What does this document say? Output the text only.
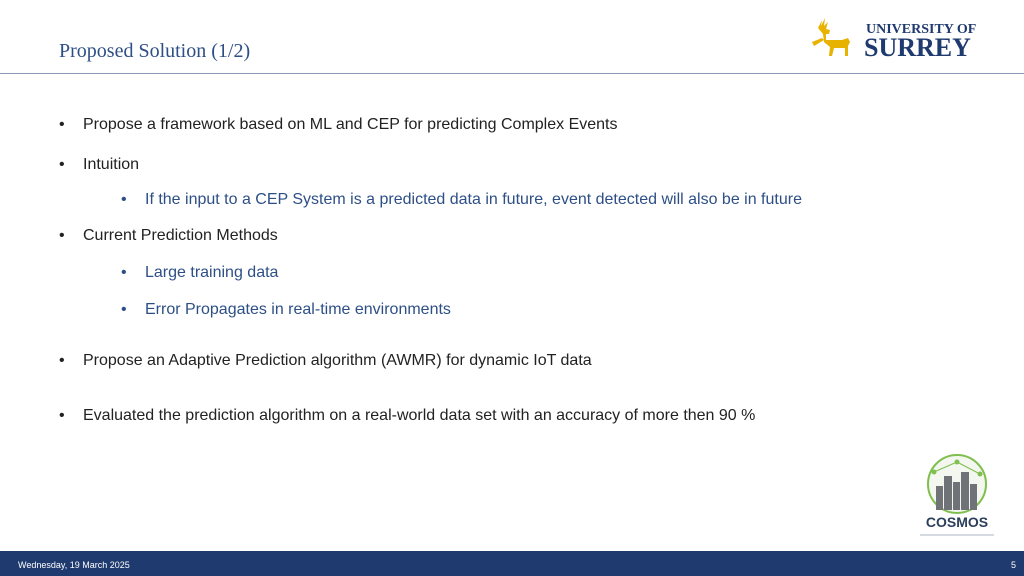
Proposed Solution (1/2)
UNIVERSITY OF
SURREY
• Propose a framework based on ML and CEP for predicting Complex Events
• Intuition
• If the input to a CEP System is a predicted data in future, event detected will also be in future
• Current Prediction Methods
• Large training data
• Error Propagates in real-time environments
• Propose an Adaptive Prediction algorithm (AWMR) for dynamic IoT data
• Evaluated the prediction algorithm on a real-world data set with an accuracy of more then 90 %
COSMOS
Wednesday, 19 March 2025	5
